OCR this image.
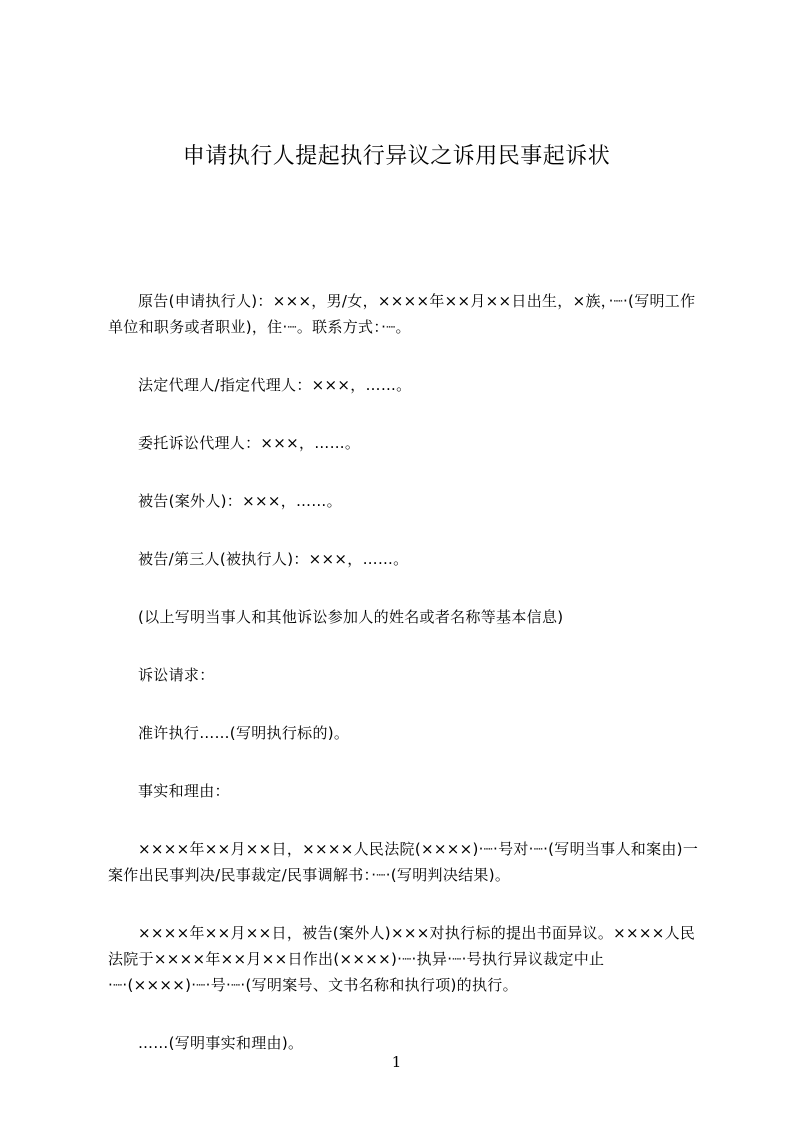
申请执行人提起执行异议之诉用民事起诉状

原告(申请执行人)：×××，男/女，××××年××月××日出生，×族，·┈·(写明工作单位和职务或者职业)，住·┈。联系方式：·┈。

法定代理人/指定代理人：×××，……。

委托诉讼代理人：×××，……。

被告(案外人)：×××，……。

被告/第三人(被执行人)：×××，……。

(以上写明当事人和其他诉讼参加人的姓名或者名称等基本信息)

诉讼请求：

准许执行……(写明执行标的)。

事实和理由：

××××年××月××日，××××人民法院(××××)·┈·号对·┈·(写明当事人和案由)一案作出民事判决/民事裁定/民事调解书：·┈·(写明判决结果)。

××××年××月××日，被告(案外人)×××对执行标的提出书面异议。××××人民法院于××××年××月××日作出(××××)·┈·执异·┈·号执行异议裁定中止·┈·(××××)·┈·号·┈·(写明案号、文书名称和执行项)的执行。

……(写明事实和理由)。

1
